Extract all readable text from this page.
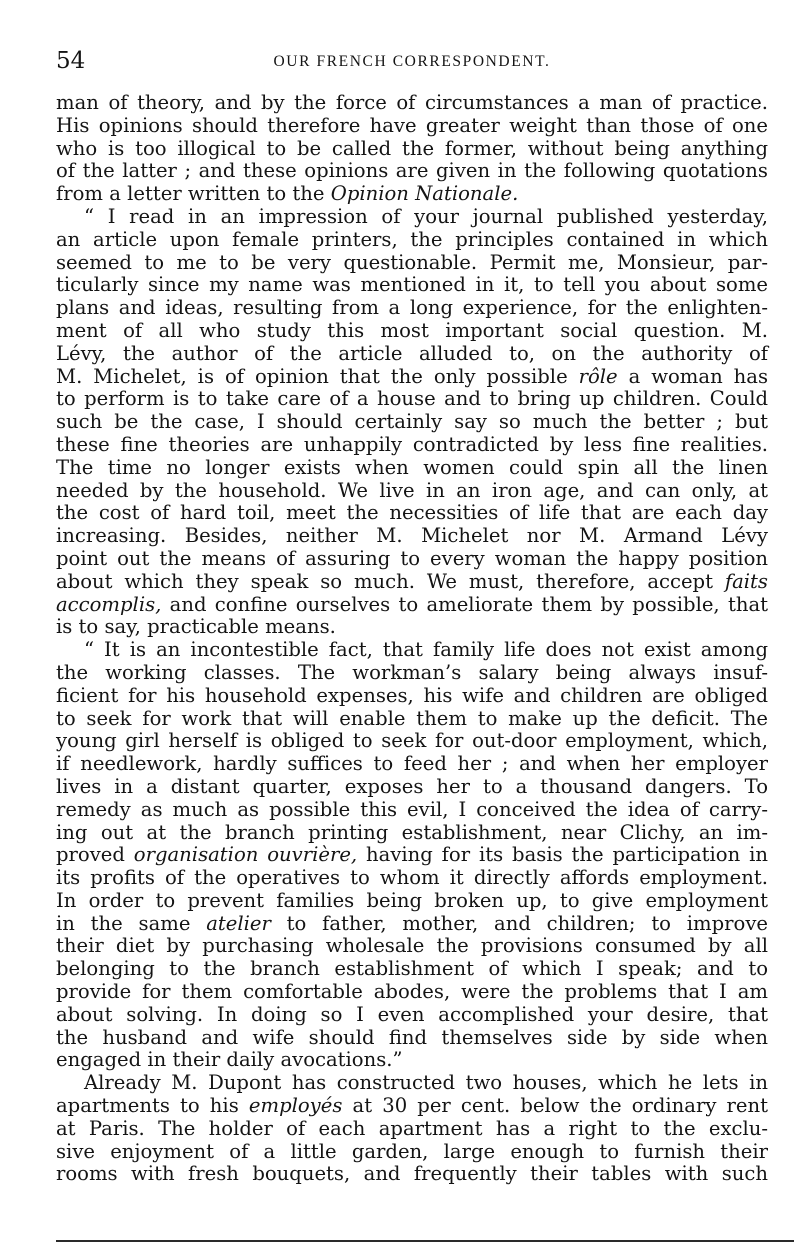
54	OUR FRENCH CORRESPONDENT.
man of theory, and by the force of circumstances a man of practice.
His opinions should therefore have greater weight than those of one
who is too illogical to be called the former, without being anything
of the latter ; and these opinions are given in the following quotations
from a letter written to the Opinion Nationale.
“ I read in an impression of your journal published yesterday,
an article upon female printers, the principles contained in which
seemed to me to be very questionable. Permit me, Monsieur, par-
ticularly since my name was mentioned in it, to tell you about some
plans and ideas, resulting from a long experience, for the enlighten-
ment of all who study this most important social question. M.
Lévy, the author of the article alluded to, on the authority of
M. Michelet, is of opinion that the only possible rôle a woman has
to perform is to take care of a house and to bring up children. Could
such be the case, I should certainly say so much the better ; but
these fine theories are unhappily contradicted by less fine realities.
The time no longer exists when women could spin all the linen
needed by the household. We live in an iron age, and can only, at
the cost of hard toil, meet the necessities of life that are each day
increasing. Besides, neither M. Michelet nor M. Armand Lévy
point out the means of assuring to every woman the happy position
about which they speak so much. We must, therefore, accept faits
accomplis, and confine ourselves to ameliorate them by possible, that
is to say, practicable means.
“ It is an incontestible fact, that family life does not exist among
the working classes. The workman’s salary being always insuf-
ficient for his household expenses, his wife and children are obliged
to seek for work that will enable them to make up the deficit. The
young girl herself is obliged to seek for out-door employment, which,
if needlework, hardly suffices to feed her ; and when her employer
lives in a distant quarter, exposes her to a thousand dangers. To
remedy as much as possible this evil, I conceived the idea of carry-
ing out at the branch printing establishment, near Clichy, an im-
proved organisation ouvrière, having for its basis the participation in
its profits of the operatives to whom it directly affords employment.
In order to prevent families being broken up, to give employment
in the same atelier to father, mother, and children; to improve
their diet by purchasing wholesale the provisions consumed by all
belonging to the branch establishment of which I speak; and to
provide for them comfortable abodes, were the problems that I am
about solving. In doing so I even accomplished your desire, that
the husband and wife should find themselves side by side when
engaged in their daily avocations.”
Already M. Dupont has constructed two houses, which he lets in
apartments to his employés at 30 per cent. below the ordinary rent
at Paris. The holder of each apartment has a right to the exclu-
sive enjoyment of a little garden, large enough to furnish their
rooms with fresh bouquets, and frequently their tables with such
